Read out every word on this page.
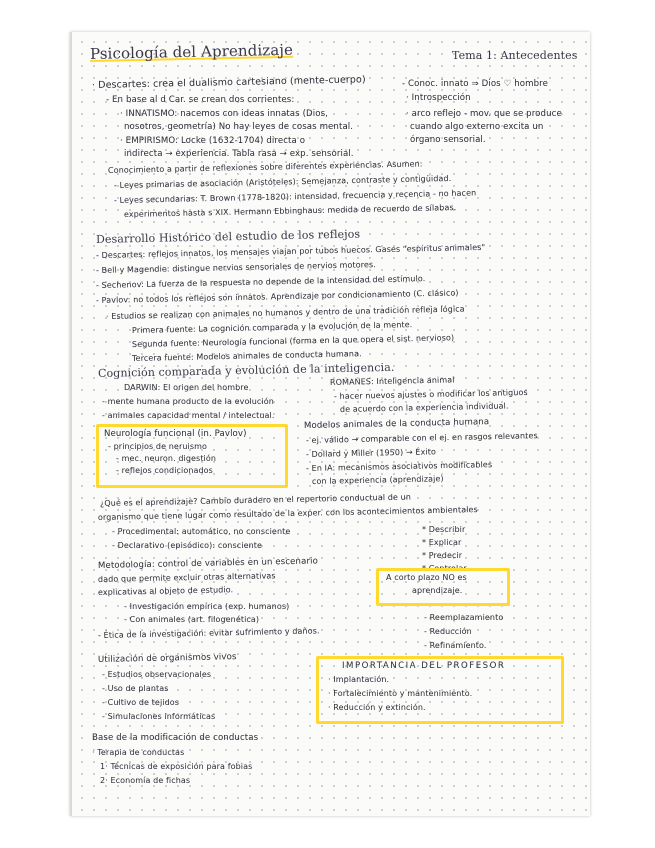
Psicología del Aprendizaje	Tema 1: Antecedentes
· Descartes: crea el dualismo cartesiano (mente-cuerpo)
- En base al d Car. se crean dos corrientes:
· INNATISMO: nacemos con ideas innatas (Dios,
nosotros, geometría) No hay leyes de cosas mental.
· EMPIRISMO: Locke (1632-1704) directa o
indirecta → experiencia. Tabla rasa → exp. sensorial.
Conocimiento a partir de reflexiones sobre diferentes experiencias. Asumen:
- Leyes primarias de asociación (Aristóteles): Semejanza, contraste y contigüidad.
- Leyes secundarias: T. Brown (1778-1820): intensidad, frecuencia y recencia - no hacen
experimentos hasta s XIX. Hermann Ebbinghaus: medida de recuerdo de sílabas.
- Conoc. innato ⇒ Dios ♡ hombre
· Introspección
· arco reflejo - mov. que se produce
cuando algo externo excita un
órgano sensorial.
Desarrollo Histórico del estudio de los reflejos
- Descartes: reflejos innatos, los mensajes viajan por tubos huecos. Gases "espíritus animales"
- Bell y Magendie: distingue nervios sensoriales de nervios motores.
- Sechenov: La fuerza de la respuesta no depende de la intensidad del estímulo.
- Pavlov: no todos los reflejos son innatos. Aprendizaje por condicionamiento (C. clásico)
· Estudios se realizan con animales no humanos y dentro de una tradición refleja lógica
Primera fuente: La cognición comparada y la evolución de la mente.
Segunda fuente: Neurología funcional (forma en la que opera el sist. nervioso)
Tercera fuente: Modelos animales de conducta humana.
Cognición comparada y evolución de la inteligencia.
DARWIN: El origen del hombre
- mente humana producto de la evolución
- animales capacidad mental / intelectual.
ROMANES: Inteligencia animal
- hacer nuevos ajustes o modificar los antiguos
de acuerdo con la experiencia individual.
Neurología funcional (in. Pavlov)
- principios de neruismo
- mec. neuron. digestión
- reflejos condicionados
Modelos animales de la conducta humana
- ej. válido → comparable con el ej. en rasgos relevantes
- Dollard y Miller (1950) → Éxito
- En IA: mecanismos asociativos modificables
con la experiencia (aprendizaje)
¿Qué es el aprendizaje? Cambio duradero en el repertorio conductual de un
organismo que tiene lugar como resultado de la exper. con los acontecimientos ambientales
- Procedimental: automático, no consciente
- Declarativo (episódico): consciente
* Describir
* Explicar
* Predecir
* Controlar
Metodología: control de variables en un escenario
dado que permite excluir otras alternativas
explicativas al objeto de estudio.
- Investigación empírica (exp. humanos)
- Con animales (art. filogenética)
- Ética de la investigación: evitar sufrimiento y daños.
A corto plazo NO es
aprendizaje.
- Reemplazamiento
- Reducción
- Refinamiento.
Utilización de organismos vivos
- Estudios observacionales
- Uso de plantas
- Cultivo de tejidos
- Simulaciones informáticas
IMPORTANCIA DEL PROFESOR
· Implantación.
· Fortalecimiento y mantenimiento.
· Reducción y extinción.
Base de la modificación de conductas
· Terapia de conductas
1· Técnicas de exposición para fobias
2· Economía de fichas
